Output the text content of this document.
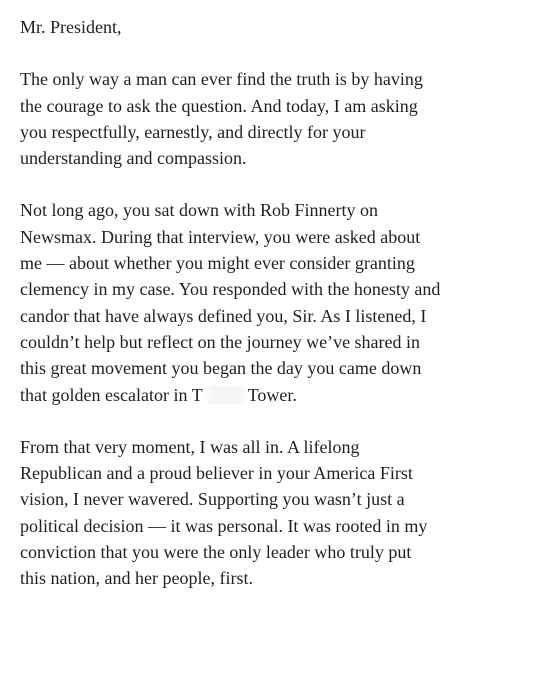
Mr. President,

The only way a man can ever find the truth is by having
the courage to ask the question. And today, I am asking
you respectfully, earnestly, and directly for your
understanding and compassion.

Not long ago, you sat down with Rob Finnerty on
Newsmax. During that interview, you were asked about
me — about whether you might ever consider granting
clemency in my case. You responded with the honesty and
candor that have always defined you, Sir. As I listened, I
couldn’t help but reflect on the journey we’ve shared in
this great movement you began the day you came down
that golden escalator in T	Tower.

From that very moment, I was all in. A lifelong
Republican and a proud believer in your America First
vision, I never wavered. Supporting you wasn’t just a
political decision — it was personal. It was rooted in my
conviction that you were the only leader who truly put
this nation, and her people, first.
